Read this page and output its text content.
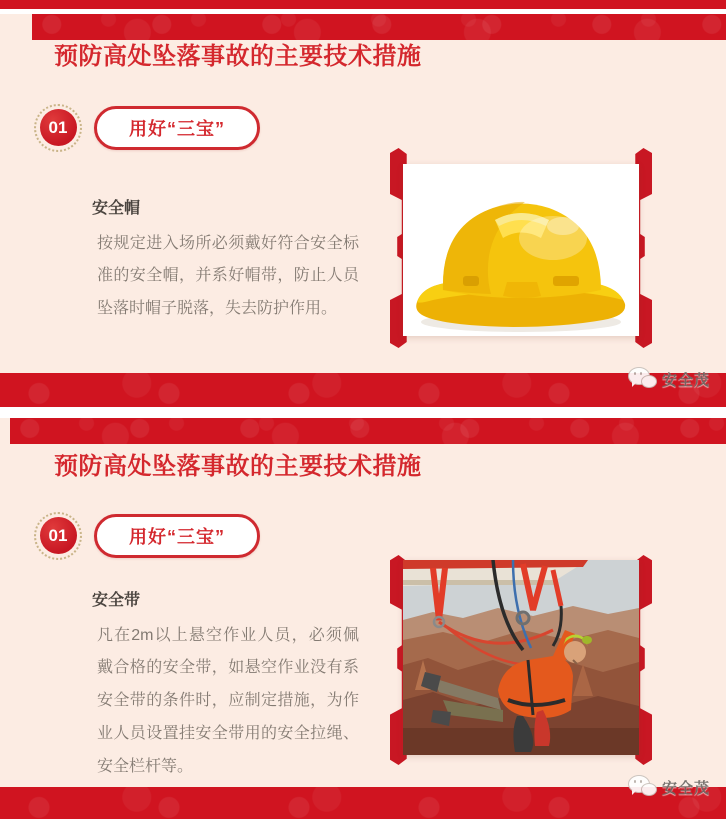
预防高处坠落事故的主要技术措施
01	用好“三宝”
安全帽
按规定进入场所必须戴好符合安全标准的安全帽，并系好帽带，防止人员坠落时帽子脱落，失去防护作用。
安全茂
预防高处坠落事故的主要技术措施
01	用好“三宝”
安全带
凡在2m以上悬空作业人员，必须佩戴合格的安全带，如悬空作业没有系安全带的条件时，应制定措施，为作业人员设置挂安全带用的安全拉绳、安全栏杆等。
安全茂
